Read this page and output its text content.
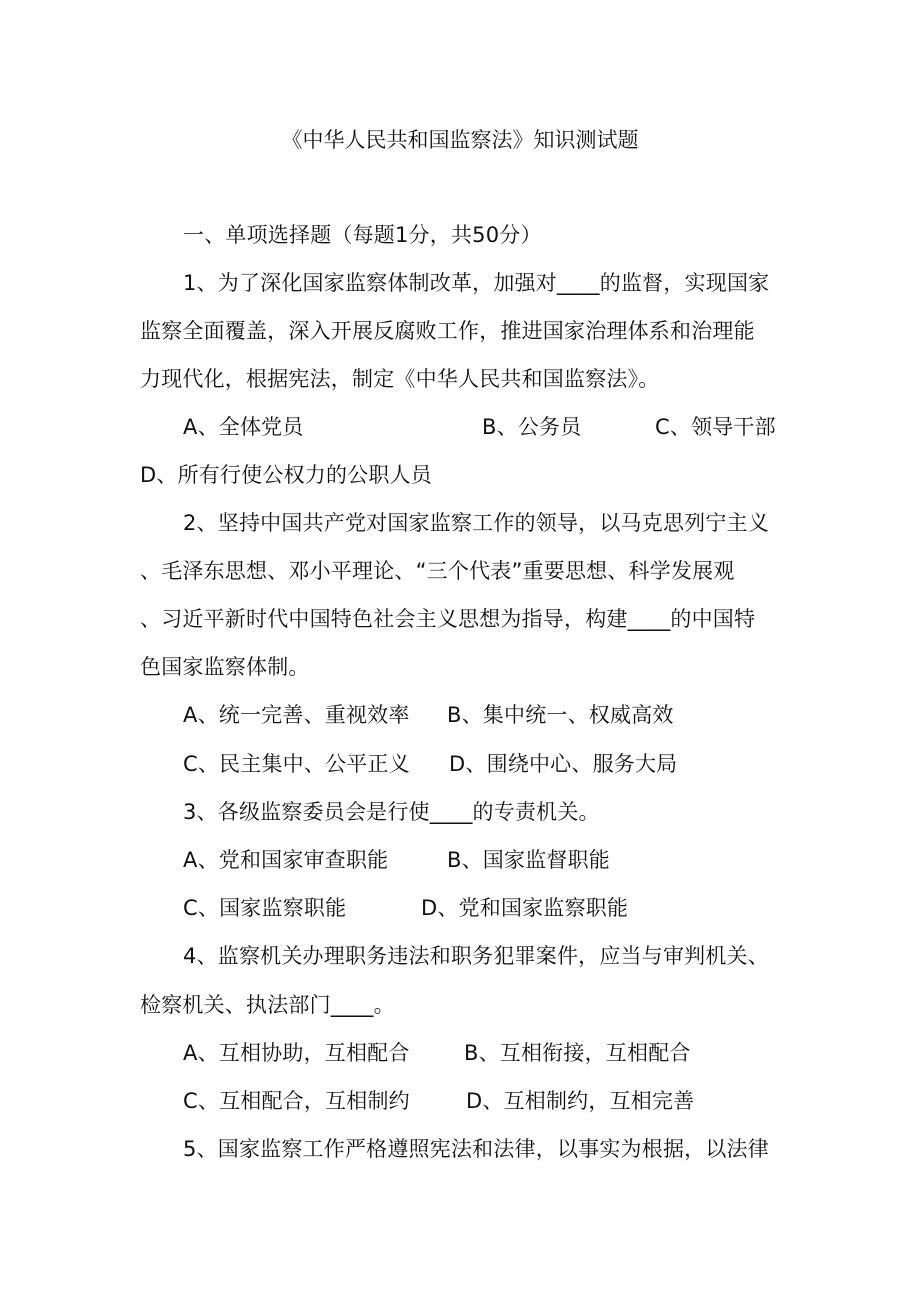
《中华人民共和国监察法》知识测试题
一、单项选择题（每题1分，共50分）
1、为了深化国家监察体制改革，加强对____的监督，实现国家
监察全面覆盖，深入开展反腐败工作，推进国家治理体系和治理能
力现代化，根据宪法，制定《中华人民共和国监察法》。
A、全体党员	B、公务员	C、领导干部
D、所有行使公权力的公职人员
2、坚持中国共产党对国家监察工作的领导，以马克思列宁主义
、毛泽东思想、邓小平理论、“三个代表”重要思想、科学发展观
、习近平新时代中国特色社会主义思想为指导，构建____的中国特
色国家监察体制。
A、统一完善、重视效率 B、集中统一、权威高效
C、民主集中、公平正义 D、围绕中心、服务大局
3、各级监察委员会是行使____的专责机关。
A、党和国家审查职能	B、国家监督职能
C、国家监察职能	D、党和国家监察职能
4、监察机关办理职务违法和职务犯罪案件，应当与审判机关、
检察机关、执法部门____。
A、互相协助，互相配合	B、互相衔接，互相配合
C、互相配合，互相制约	D、互相制约，互相完善
5、国家监察工作严格遵照宪法和法律，以事实为根据，以法律
